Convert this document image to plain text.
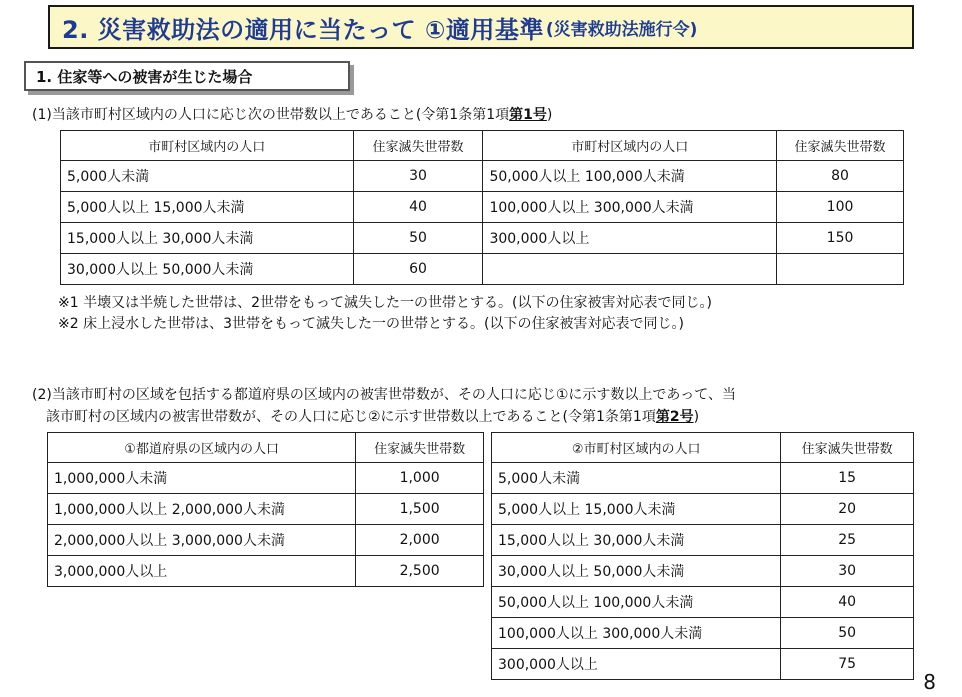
2. 災害救助法の適用に当たって ①適用基準 (災害救助法施行令)
1. 住家等への被害が生じた場合
(1)当該市町村区域内の人口に応じ次の世帯数以上であること(令第1条第1項第1号)
市町村区域内の人口	住家滅失世帯数	市町村区域内の人口	住家滅失世帯数
5,000人未満	30	50,000人以上 100,000人未満	80
5,000人以上 15,000人未満	40	100,000人以上 300,000人未満	100
15,000人以上 30,000人未満	50	300,000人以上	150
30,000人以上 50,000人未満	60		
※1 半壊又は半焼した世帯は、2世帯をもって滅失した一の世帯とする。(以下の住家被害対応表で同じ。)
※2 床上浸水した世帯は、3世帯をもって滅失した一の世帯とする。(以下の住家被害対応表で同じ。)
(2)当該市町村の区域を包括する都道府県の区域内の被害世帯数が、その人口に応じ①に示す数以上であって、当
該市町村の区域内の被害世帯数が、その人口に応じ②に示す世帯数以上であること(令第1条第1項第2号)
①都道府県の区域内の人口	住家滅失世帯数
1,000,000人未満	1,000
1,000,000人以上 2,000,000人未満	1,500
2,000,000人以上 3,000,000人未満	2,000
3,000,000人以上	2,500
②市町村区域内の人口	住家滅失世帯数
5,000人未満	15
5,000人以上 15,000人未満	20
15,000人以上 30,000人未満	25
30,000人以上 50,000人未満	30
50,000人以上 100,000人未満	40
100,000人以上 300,000人未満	50
300,000人以上	75
8
